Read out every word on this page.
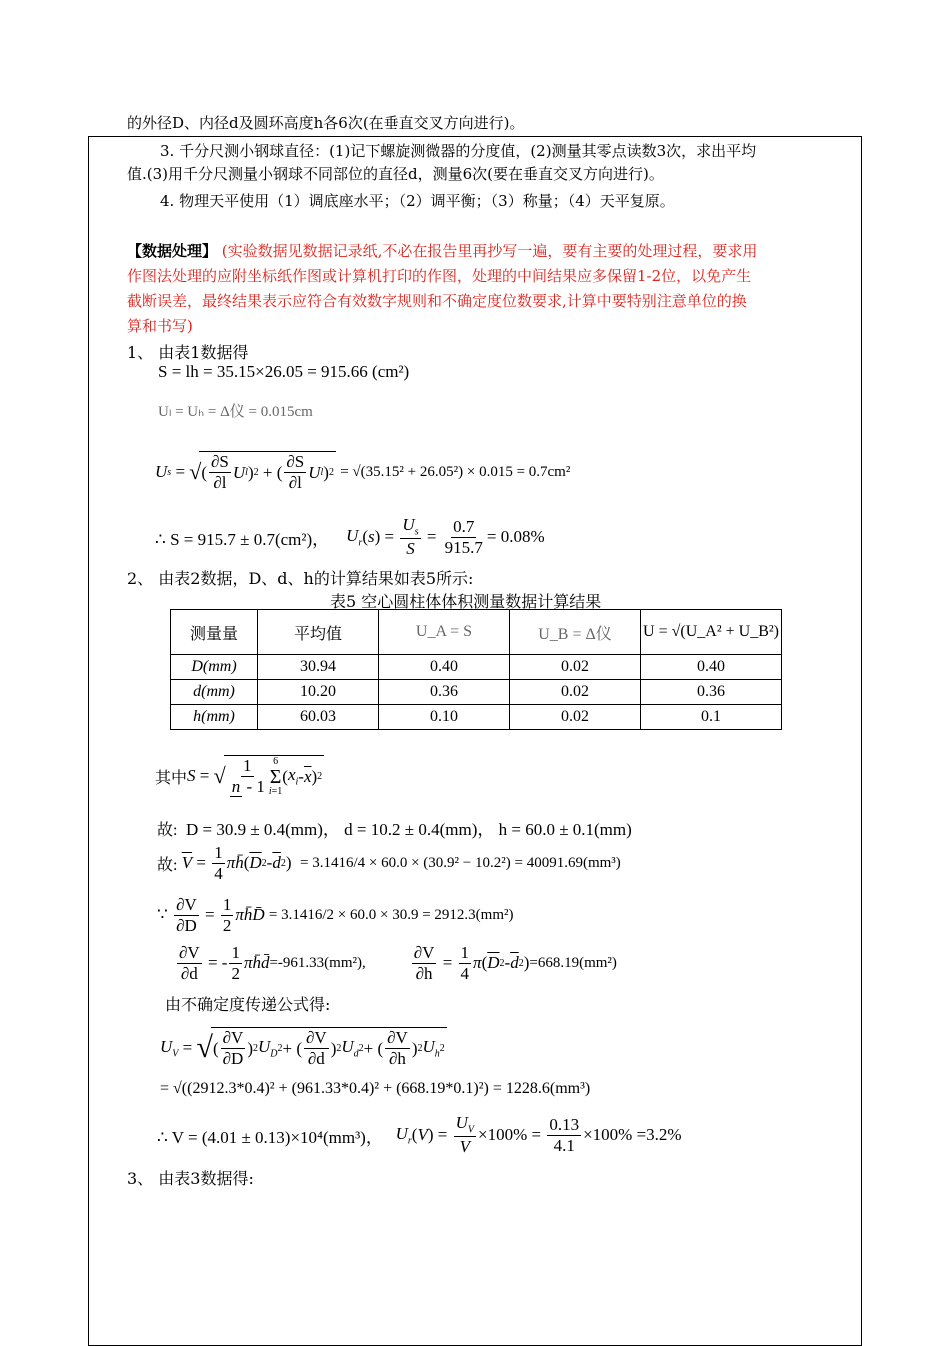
的外径D、内径d及圆环高度h各6次(在垂直交叉方向进行)。
3. 千分尺测小钢球直径：(1)记下螺旋测微器的分度值，(2)测量其零点读数3次，求出平均
值.(3)用千分尺测量小钢球不同部位的直径d，测量6次(要在垂直交叉方向进行)。
4. 物理天平使用（1）调底座水平；（2）调平衡；（3）称量；（4）天平复原。
【数据处理】 (实验数据见数据记录纸,不必在报告里再抄写一遍，要有主要的处理过程，要求用
作图法处理的应附坐标纸作图或计算机打印的作图，处理的中间结果应多保留1-2位，以免产生
截断误差，最终结果表示应符合有效数字规则和不确定度位数要求,计算中要特别注意单位的换
算和书写)
1、 由表1数据得
S = lh = 35.15×26.05 = 915.66 (cm²)
Uₗ = Uₕ = Δ仪 = 0.015cm
U s = √ ( $\frac{\partial S}{\partial l}$ U l ) 2 + ( $\frac{\partial S}{\partial l}$ U l ) 2
= √(35.15² + 26.05²) × 0.015 = 0.7cm²
∴ S = 915.7 ± 0.7(cm²)，
$U_r$ ( s ) = $\frac{U_s}{S} = \frac{0.7}{915.7} = 0.08\%$
2、 由表2数据，D、d、h的计算结果如表5所示:
表5 空心圆柱体体积测量数据计算结果
测量量	平均值	U_A = S	U_B = Δ仪	U = √(U_A² + U_B²)
D(mm)	30.94	0.40	0.02	0.40
d(mm)	10.20	0.36	0.02	0.36
h(mm)	60.03	0.10	0.02	0.1
其中 S = √ $\frac{1}{n - 1} 6$
Σ
i=1
( $x_i - \overline{x}$ ) 2
故: D = 30.9 ± 0.4(mm)， d = 10.2 ± 0.4(mm)， h = 60.0 ± 0.1(mm)
故:
$\overline{V} = \frac{1}{4}$ πh̄ ( $\overline{D}$ $2 - \overline{d}$ 2 ) = 3.1416/4 × 60.0 × (30.9² − 10.2²) = 40091.69(mm³)
∵ $\frac{\partial V}{\partial D} = \frac{1}{2}$ πh̄D̄
= 3.1416/2 × 60.0 × 30.9 = 2912.3(mm²)
$\frac{\partial V}{\partial d}$ = - $\frac{1}{2}$ πh̄d̄ =-961.33(mm²),	$\frac{\partial V}{\partial h} = \frac{1}{4}$ π ( $\overline{D}$ $2 - \overline{d}$ 2 ) =668.19(mm²)
由不确定度传递公式得:
$U_V$ = √ ( $\frac{\partial V}{\partial D}$ ) 2 $U_D$
2 + ( $\frac{\partial V}{\partial d}$ ) 2 $U_d$
2 + ( $\frac{\partial V}{\partial h}$ ) 2 $U_h$
2
= √((2912.3*0.4)² + (961.33*0.4)² + (668.19*0.1)²) = 1228.6(mm³)
∴ V = (4.01 ± 0.13)×10⁴(mm³)，
$U_r$ ( V ) = $\frac{U_V}{V} \times 100\% = \frac{0.13}{4.1} \times 100\% =3.2\%$
3、 由表3数据得:
